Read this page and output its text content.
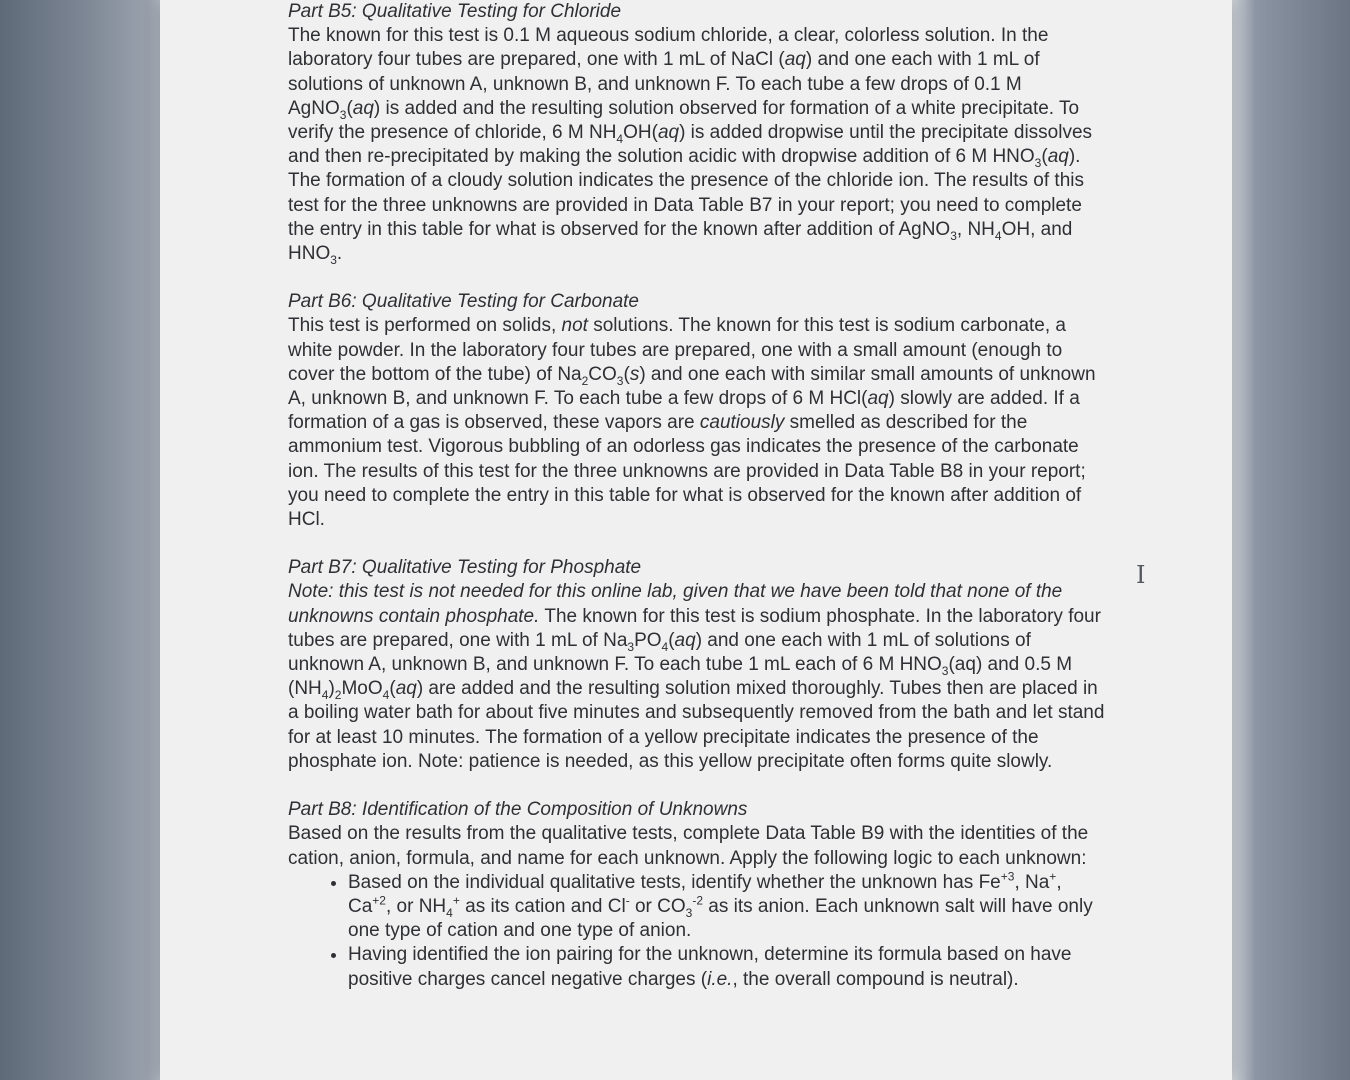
Part B5: Qualitative Testing for Chloride

The known for this test is 0.1 M aqueous sodium chloride, a clear, colorless solution. In the laboratory four tubes are prepared, one with 1 mL of NaCl (aq) and one each with 1 mL of solutions of unknown A, unknown B, and unknown F. To each tube a few drops of 0.1 M AgNO$_3$(aq) is added and the resulting solution observed for formation of a white precipitate. To verify the presence of chloride, 6 M $NH_4OH(aq)$ is added dropwise until the precipitate dissolves and then re-precipitated by making the solution acidic with dropwise addition of 6 M $HNO_3(aq)$. The formation of a cloudy solution indicates the presence of the chloride ion. The results of this test for the three unknowns are provided in Data Table B7 in your report; you need to complete the entry in this table for what is observed for the known after addition of AgNO$_3$, $NH_4OH$, and $HNO_3$.

Part B6: Qualitative Testing for Carbonate

This test is performed on solids, not solutions. The known for this test is sodium carbonate, a white powder. In the laboratory four tubes are prepared, one with a small amount (enough to cover the bottom of the tube) of $Na_2CO_3(s)$ and one each with similar small amounts of unknown A, unknown B, and unknown F. To each tube a few drops of 6 M HCl(aq) slowly are added. If a formation of a gas is observed, these vapors are cautiously smelled as described for the ammonium test. Vigorous bubbling of an odorless gas indicates the presence of the carbonate ion. The results of this test for the three unknowns are provided in Data Table B8 in your report; you need to complete the entry in this table for what is observed for the known after addition of HCl.

Part B7: Qualitative Testing for Phosphate

Note: this test is not needed for this online lab, given that we have been told that none of the unknowns contain phosphate. The known for this test is sodium phosphate. In the laboratory four tubes are prepared, one with 1 mL of $Na_3PO_4(aq)$ and one each with 1 mL of solutions of unknown A, unknown B, and unknown F. To each tube 1 mL each of 6 M $HNO_3(aq)$ and 0.5 M $(NH_4)_2MoO_4(aq)$ are added and the resulting solution mixed thoroughly. Tubes then are placed in a boiling water bath for about five minutes and subsequently removed from the bath and let stand for at least 10 minutes. The formation of a yellow precipitate indicates the presence of the phosphate ion. Note: patience is needed, as this yellow precipitate often forms quite slowly.

Part B8: Identification of the Composition of Unknowns

Based on the results from the qualitative tests, complete Data Table B9 with the identities of the cation, anion, formula, and name for each unknown. Apply the following logic to each unknown:

• Based on the individual qualitative tests, identify whether the unknown has $Fe^{+3}$, Na+, $Ca^{+2}$, or $NH_4^+$ as its cation and Cl- or $CO_3^{-2}$ as its anion. Each unknown salt will have only one type of cation and one type of anion.
• Having identified the ion pairing for the unknown, determine its formula based on have positive charges cancel negative charges (i.e., the overall compound is neutral).
I
